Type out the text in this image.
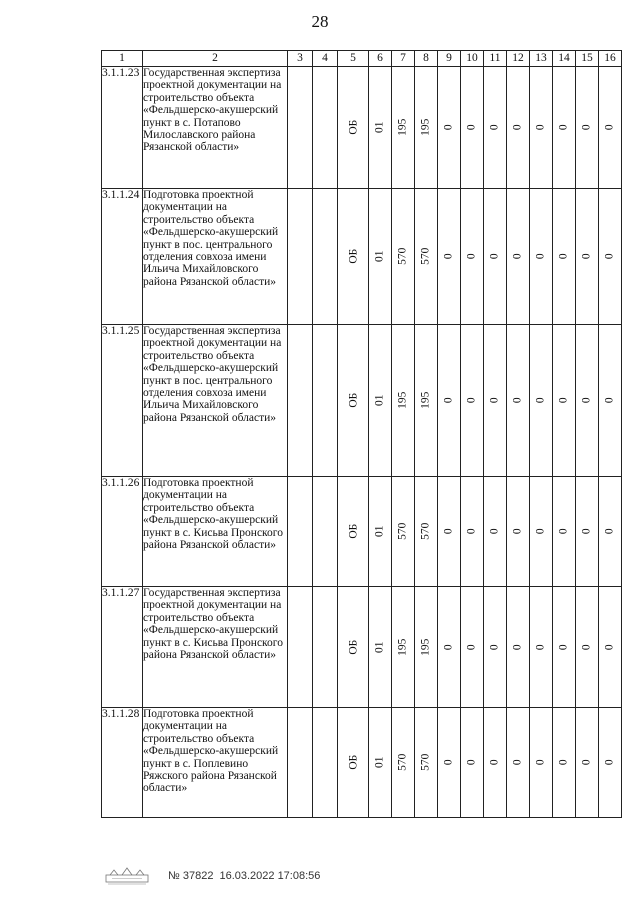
28
1	2	3	4	5	6	7	8	9	10	11	12	13	14	15	16
3.1.1.23	Государственная экспертиза проектной документации на строительство объекта «Фельдшерско-акушерский пункт в с. Потапово Милославского района Рязанской области»			ОБ	01	195	195	0	0	0	0	0	0	0	0
3.1.1.24	Подготовка проектной документации на строительство объекта «Фельдшерско-акушерский пункт в пос. центрального отделения совхоза имени Ильича Михайловского района Рязанской области»			ОБ	01	570	570	0	0	0	0	0	0	0	0
3.1.1.25	Государственная экспертиза проектной документации на строительство объекта «Фельдшерско-акушерский пункт в пос. центрального отделения совхоза имени Ильича Михайловского района Рязанской области»			ОБ	01	195	195	0	0	0	0	0	0	0	0
3.1.1.26	Подготовка проектной документации на строительство объекта «Фельдшерско-акушерский пункт в с. Кисьва Пронского района Рязанской области»			ОБ	01	570	570	0	0	0	0	0	0	0	0
3.1.1.27	Государственная экспертиза проектной документации на строительство объекта «Фельдшерско-акушерский пункт в с. Кисьва Пронского района Рязанской области»			ОБ	01	195	195	0	0	0	0	0	0	0	0
3.1.1.28	Подготовка проектной документации на строительство объекта «Фельдшерско-акушерский пункт в с. Поплевино Ряжского района Рязанской области»			ОБ	01	570	570	0	0	0	0	0	0	0	0
№ 37822 16.03.2022 17:08:56
